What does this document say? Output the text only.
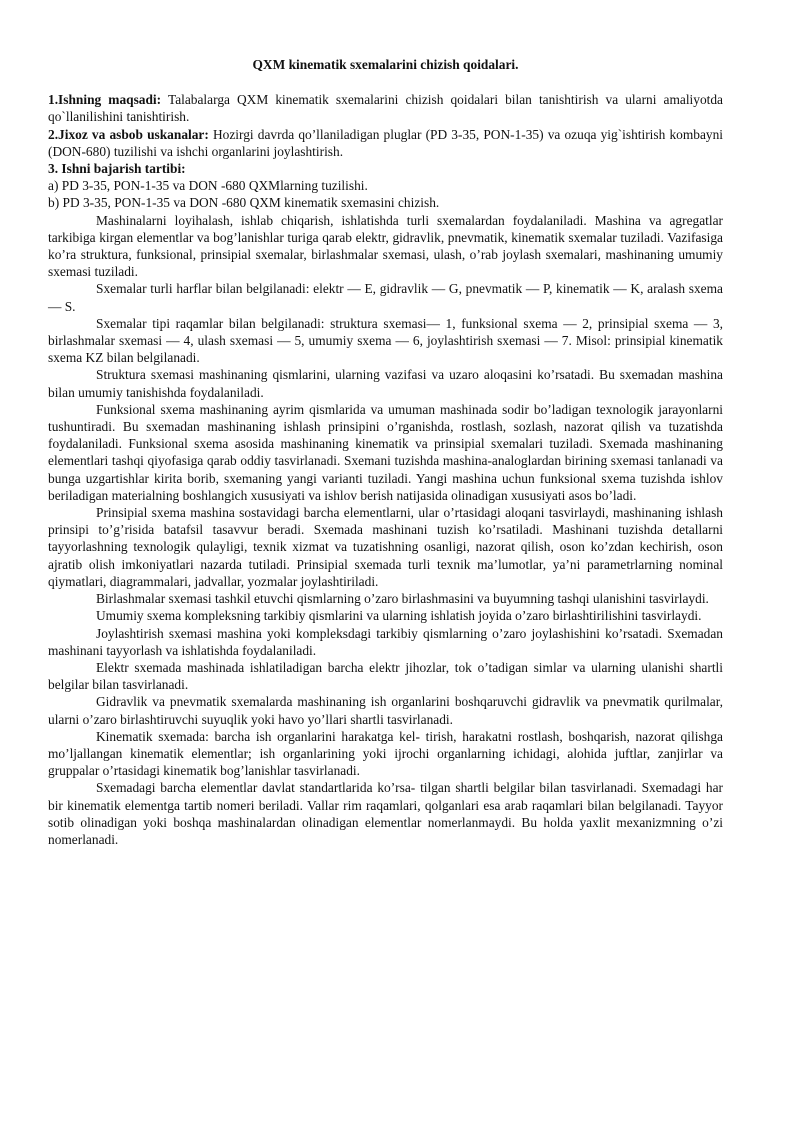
QXM kinematik sxemalarini chizish qoidalari.

1.Ishning maqsadi: Talabalarga QXM kinematik sxemalarini chizish qoidalari bilan tanishtirish va ularni amaliyotda qo`llanilishini tanishtirish.

2.Jixoz va asbob uskanalar: Hozirgi davrda qo’llaniladigan pluglar (PD 3-35, PON-1-35) va ozuqa yig`ishtirish kombayni (DON-680) tuzilishi va ishchi organlarini joylashtirish.

3. Ishni bajarish tartibi:

a) PD 3-35, PON-1-35 va DON -680 QXMlarning tuzilishi.

b) PD 3-35, PON-1-35 va DON -680 QXM kinematik sxemasini chizish.

Mashinalarni loyihalash, ishlab chiqarish, ishlatishda turli sxemalardan foydalaniladi. Mashina va agregatlar tarkibiga kirgan elementlar va bog’lanishlar turiga qarab elektr, gidravlik, pnevmatik, kinematik sxemalar tuziladi. Vazifasiga ko’ra struktura, funksional, prinsipial sxemalar, birlashmalar sxemasi, ulash, o’rab joylash sxemalari, mashinaning umumiy sxemasi tuziladi.

Sxemalar turli harflar bilan belgilanadi: elektr — E, gidravlik — G, pnevmatik — P, kinematik — K, aralash sxema — S.

Sxemalar tipi raqamlar bilan belgilanadi: struktura sxemasi— 1, funksional sxema — 2, prinsipial sxema — 3, birlashmalar sxemasi — 4, ulash sxemasi — 5, umumiy sxema — 6, joylashtirish sxemasi — 7. Misol: prinsipial kinematik sxema KZ bilan belgilanadi.

Struktura sxemasi mashinaning qismlarini, ularning vazifasi va uzaro aloqasini ko’rsatadi. Bu sxemadan mashina bilan umumiy tanishishda foydalaniladi.

Funksional sxema mashinaning ayrim qismlarida va umuman mashinada sodir bo’ladigan texnologik jarayonlarni tushuntiradi. Bu sxemadan mashinaning ishlash prinsipini o’rganishda, rostlash, sozlash, nazorat qilish va tuzatishda foydalaniladi. Funksional sxema asosida mashinaning kinematik va prinsipial sxemalari tuziladi. Sxemada mashinaning elementlari tashqi qiyofasiga qarab oddiy tasvirlanadi. Sxemani tuzishda mashina-analoglardan birining sxemasi tanlanadi va bunga uzgartishlar kirita borib, sxemaning yangi varianti tuziladi. Yangi mashina uchun funksional sxema tuzishda ishlov beriladigan materialning boshlangich xususiyati va ishlov berish natijasida olinadigan xususiyati asos bo’ladi.

Prinsipial sxema mashina sostavidagi barcha elementlarni, ular o’rtasidagi aloqani tasvirlaydi, mashinaning ishlash prinsipi to’g’risida batafsil tasavvur beradi. Sxemada mashinani tuzish ko’rsatiladi. Mashinani tuzishda detallarni tayyorlashning texnologik qulayligi, texnik xizmat va tuzatishning osanligi, nazorat qilish, oson ko’zdan kechirish, oson ajratib olish imkoniyatlari nazarda tutiladi. Prinsipial sxemada turli texnik ma’lumotlar, ya’ni parametrlarning nominal qiymatlari, diagrammalari, jadvallar, yozmalar joylashtiriladi.

Birlashmalar sxemasi tashkil etuvchi qismlarning o’zaro birlashmasini va buyumning tashqi ulanishini tasvirlaydi.

Umumiy sxema kompleksning tarkibiy qismlarini va ularning ishlatish joyida o’zaro birlashtirilishini tasvirlaydi.

Joylashtirish sxemasi mashina yoki kompleksdagi tarkibiy qismlarning o’zaro joylashishini ko’rsatadi. Sxemadan mashinani tayyorlash va ishlatishda foydalaniladi.

Elektr sxemada mashinada ishlatiladigan barcha elektr jihozlar, tok o’tadigan simlar va ularning ulanishi shartli belgilar bilan tasvirlanadi.

Gidravlik va pnevmatik sxemalarda mashinaning ish organlarini boshqaruvchi gidravlik va pnevmatik qurilmalar, ularni o’zaro birlashtiruvchi suyuqlik yoki havo yo’llari shartli tasvirlanadi.

Kinematik sxemada: barcha ish organlarini harakatga kel- tirish, harakatni rostlash, boshqarish, nazorat qilishga mo’ljallangan kinematik elementlar; ish organlarining yoki ijrochi organlarning ichidagi, alohida juftlar, zanjirlar va gruppalar o’rtasidagi kinematik bog’lanishlar tasvirlanadi.

Sxemadagi barcha elementlar davlat standartlarida ko’rsa- tilgan shartli belgilar bilan tasvirlanadi. Sxemadagi har bir kinematik elementga tartib nomeri beriladi. Vallar rim raqamlari, qolganlari esa arab raqamlari bilan belgilanadi. Tayyor sotib olinadigan yoki boshqa mashinalardan olinadigan elementlar nomerlanmaydi. Bu holda yaxlit mexanizmning o’zi nomerlanadi.
